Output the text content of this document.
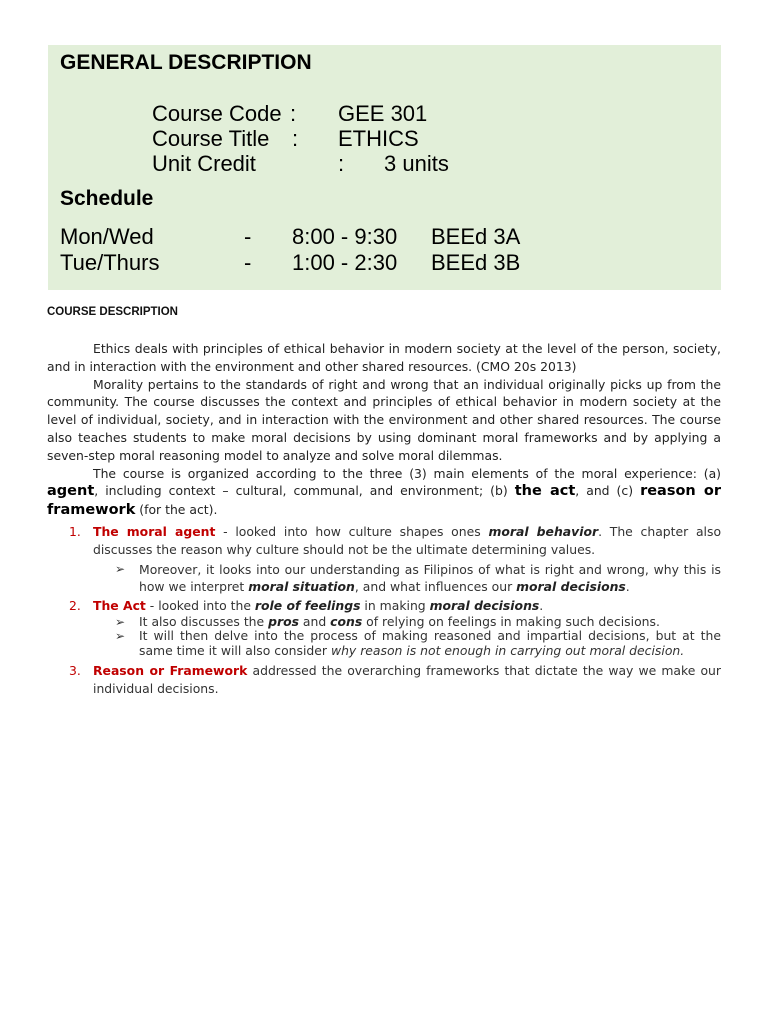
GENERAL DESCRIPTION
Course Code : GEE 301
Course Title : ETHICS
Unit Credit	: 3 units
Schedule
Mon/Wed	- 8:00 - 9:30 BEEd 3A
Tue/Thurs	- 1:00 - 2:30 BEEd 3B
COURSE DESCRIPTION

Ethics deals with principles of ethical behavior in modern society at the level of the person, society, and in interaction with the environment and other shared resources. (CMO 20s 2013)

Morality pertains to the standards of right and wrong that an individual originally picks up from the community. The course discusses the context and principles of ethical behavior in modern society at the level of individual, society, and in interaction with the environment and other shared resources. The course also teaches students to make moral decisions by using dominant moral frameworks and by applying a seven-step moral reasoning model to analyze and solve moral dilemmas.

The course is organized according to the three (3) main elements of the moral experience: (a) agent, including context – cultural, communal, and environment; (b) the act, and (c) reason or framework (for the act).

1. The moral agent - looked into how culture shapes ones moral behavior. The chapter also discusses the reason why culture should not be the ultimate determining values.
➢ Moreover, it looks into our understanding as Filipinos of what is right and wrong, why this is how we interpret moral situation, and what influences our moral decisions.
2. The Act - looked into the role of feelings in making moral decisions.
➢ It also discusses the pros and cons of relying on feelings in making such decisions.
➢ It will then delve into the process of making reasoned and impartial decisions, but at the same time it will also consider why reason is not enough in carrying out moral decision.
3. Reason or Framework addressed the overarching frameworks that dictate the way we make our individual decisions.
